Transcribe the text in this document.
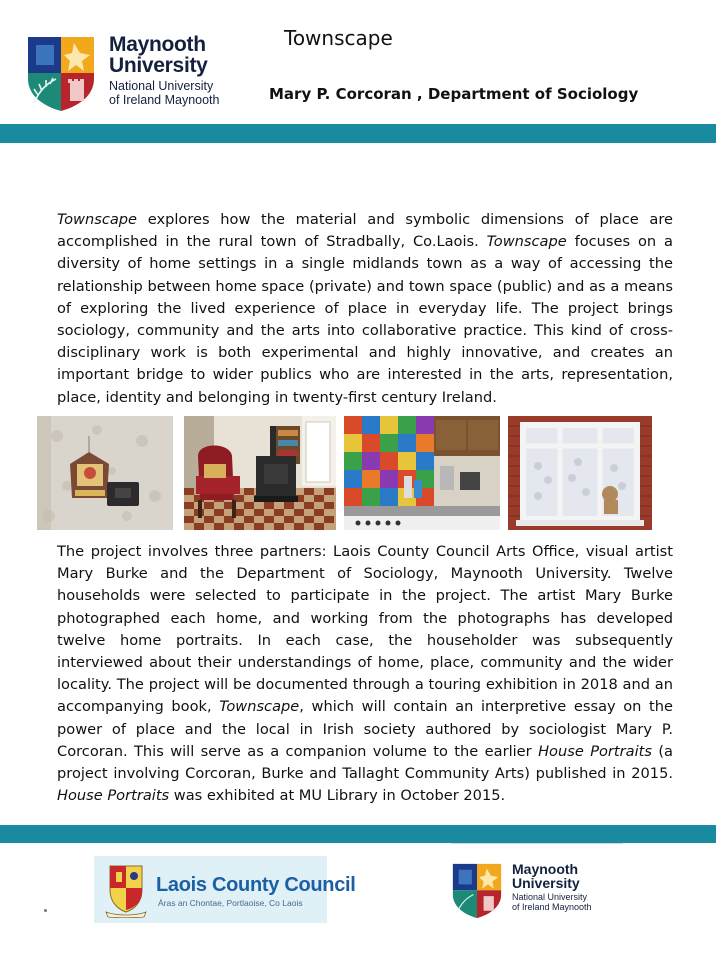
Maynooth
University
National University
of Ireland Maynooth
Townscape
Mary P. Corcoran , Department of Sociology

Townscape explores how the material and symbolic dimensions of place are accomplished in the rural town of Stradbally, Co.Laois. Townscape focuses on a diversity of home settings in a single midlands town as a way of accessing the relationship between home space (private) and town space (public) and as a means of exploring the lived experience of place in everyday life. The project brings sociology, community and the arts into collaborative practice. This kind of cross-disciplinary work is both experimental and highly innovative, and creates an important bridge to wider publics who are interested in the arts, representation, place, identity and belonging in twenty-first century Ireland.

The project involves three partners: Laois County Council Arts Office, visual artist Mary Burke and the Department of Sociology, Maynooth University. Twelve households were selected to participate in the project. The artist Mary Burke photographed each home, and working from the photographs has developed twelve home portraits. In each case, the householder was subsequently interviewed about their understandings of home, place, community and the wider locality. The project will be documented through a touring exhibition in 2018 and an accompanying book, Townscape, which will contain an interpretive essay on the power of place and the local in Irish society authored by sociologist Mary P. Corcoran. This will serve as a companion volume to the earlier House Portraits (a project involving Corcoran, Burke and Tallaght Community Arts) published in 2015. House Portraits was exhibited at MU Library in October 2015.

Laois County Council
Áras an Chontae, Portlaoise, Co Laois
Maynooth
University
National University
of Ireland Maynooth
